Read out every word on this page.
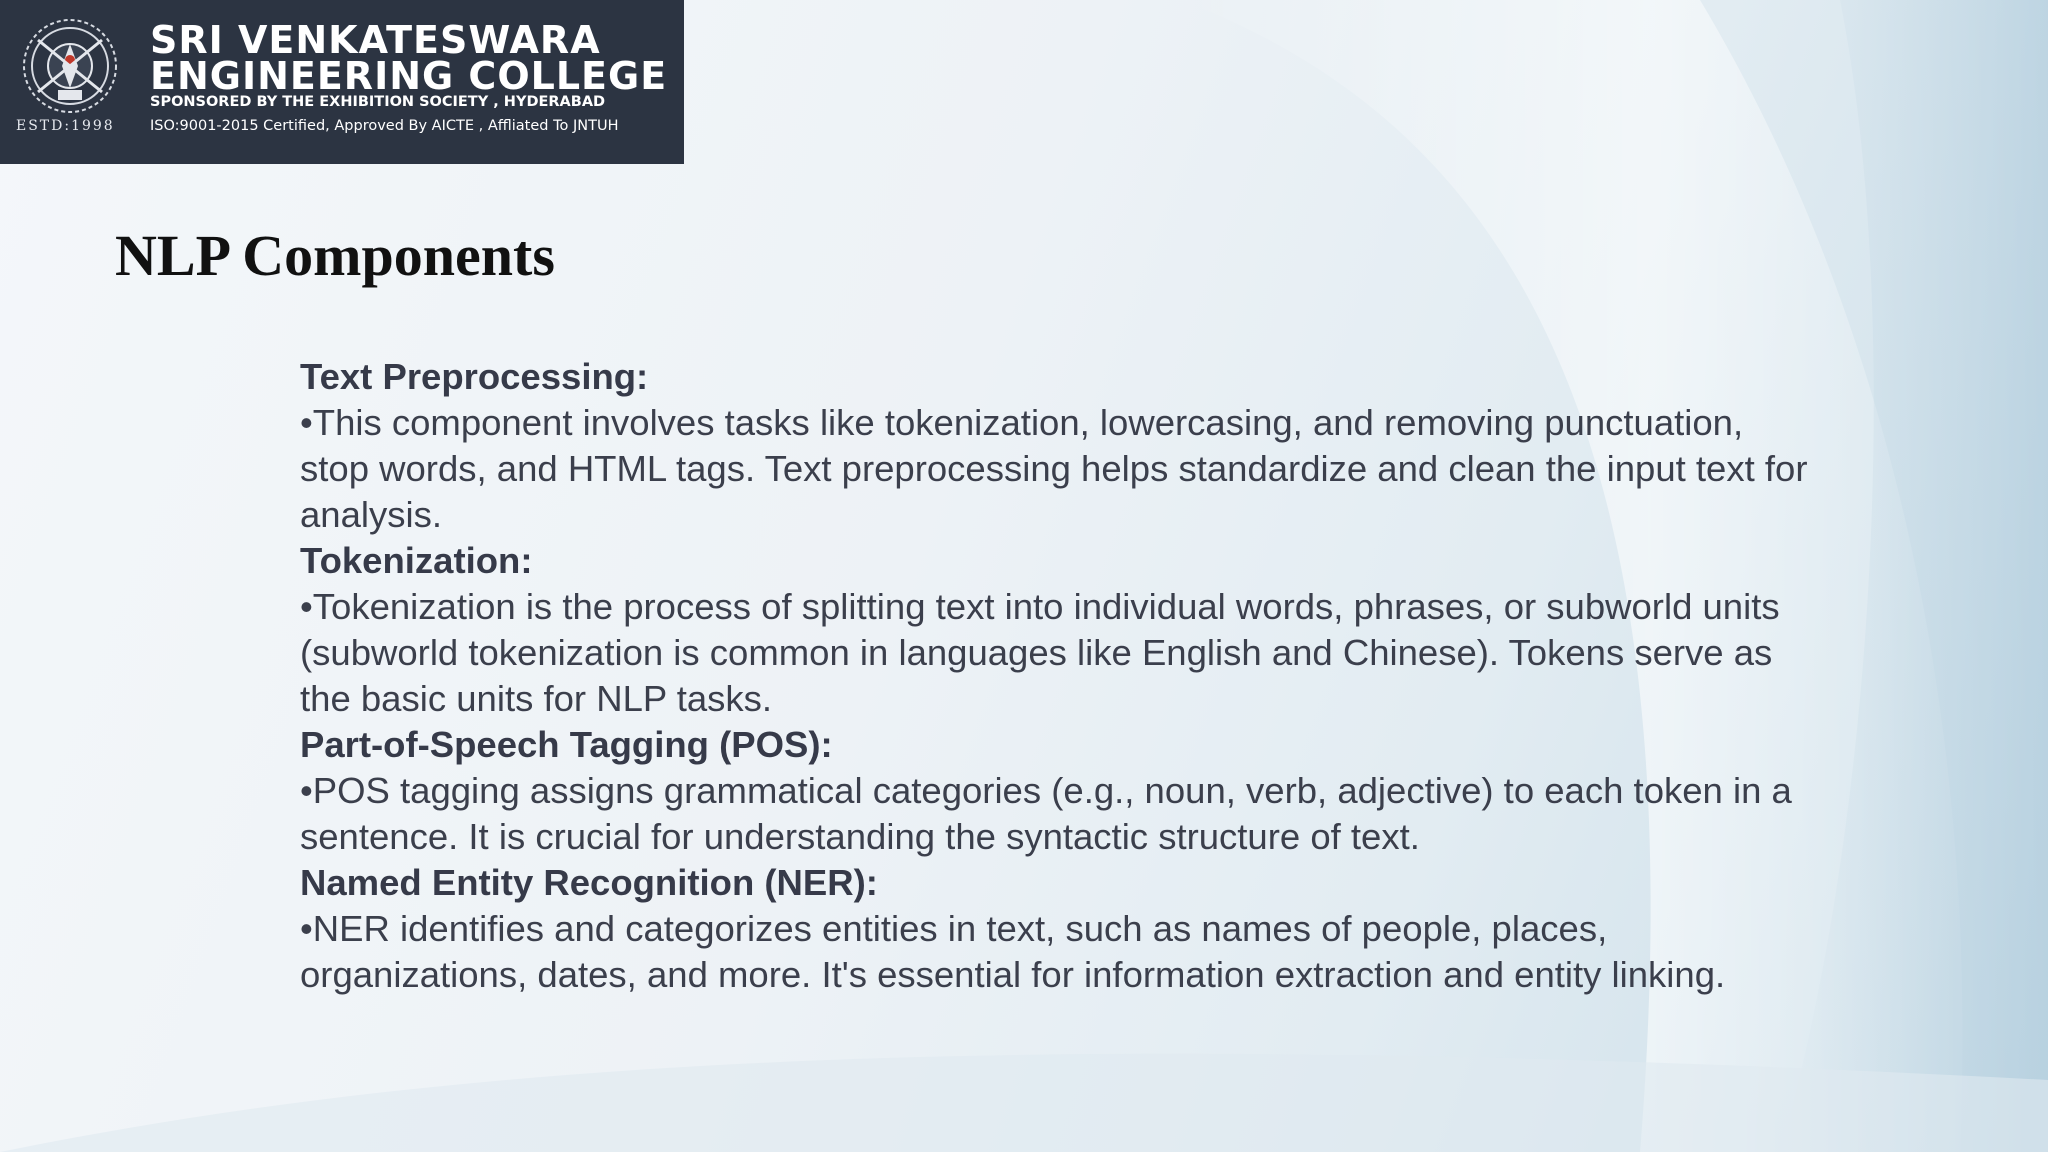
ESTD:1998
SRI VENKATESWARA
ENGINEERING COLLEGE
SPONSORED BY THE EXHIBITION SOCIETY , HYDERABAD
ISO:9001-2015 Certified, Approved By AICTE , Affliated To JNTUH
NLP Components

Text Preprocessing:

•This component involves tasks like tokenization, lowercasing, and removing punctuation, stop words, and HTML tags. Text preprocessing helps standardize and clean the input text for analysis.

Tokenization:

•Tokenization is the process of splitting text into individual words, phrases, or subworld units (subworld tokenization is common in languages like English and Chinese). Tokens serve as the basic units for NLP tasks.

Part-of-Speech Tagging (POS):

•POS tagging assigns grammatical categories (e.g., noun, verb, adjective) to each token in a sentence. It is crucial for understanding the syntactic structure of text.

Named Entity Recognition (NER):

•NER identifies and categorizes entities in text, such as names of people, places, organizations, dates, and more. It's essential for information extraction and entity linking.
